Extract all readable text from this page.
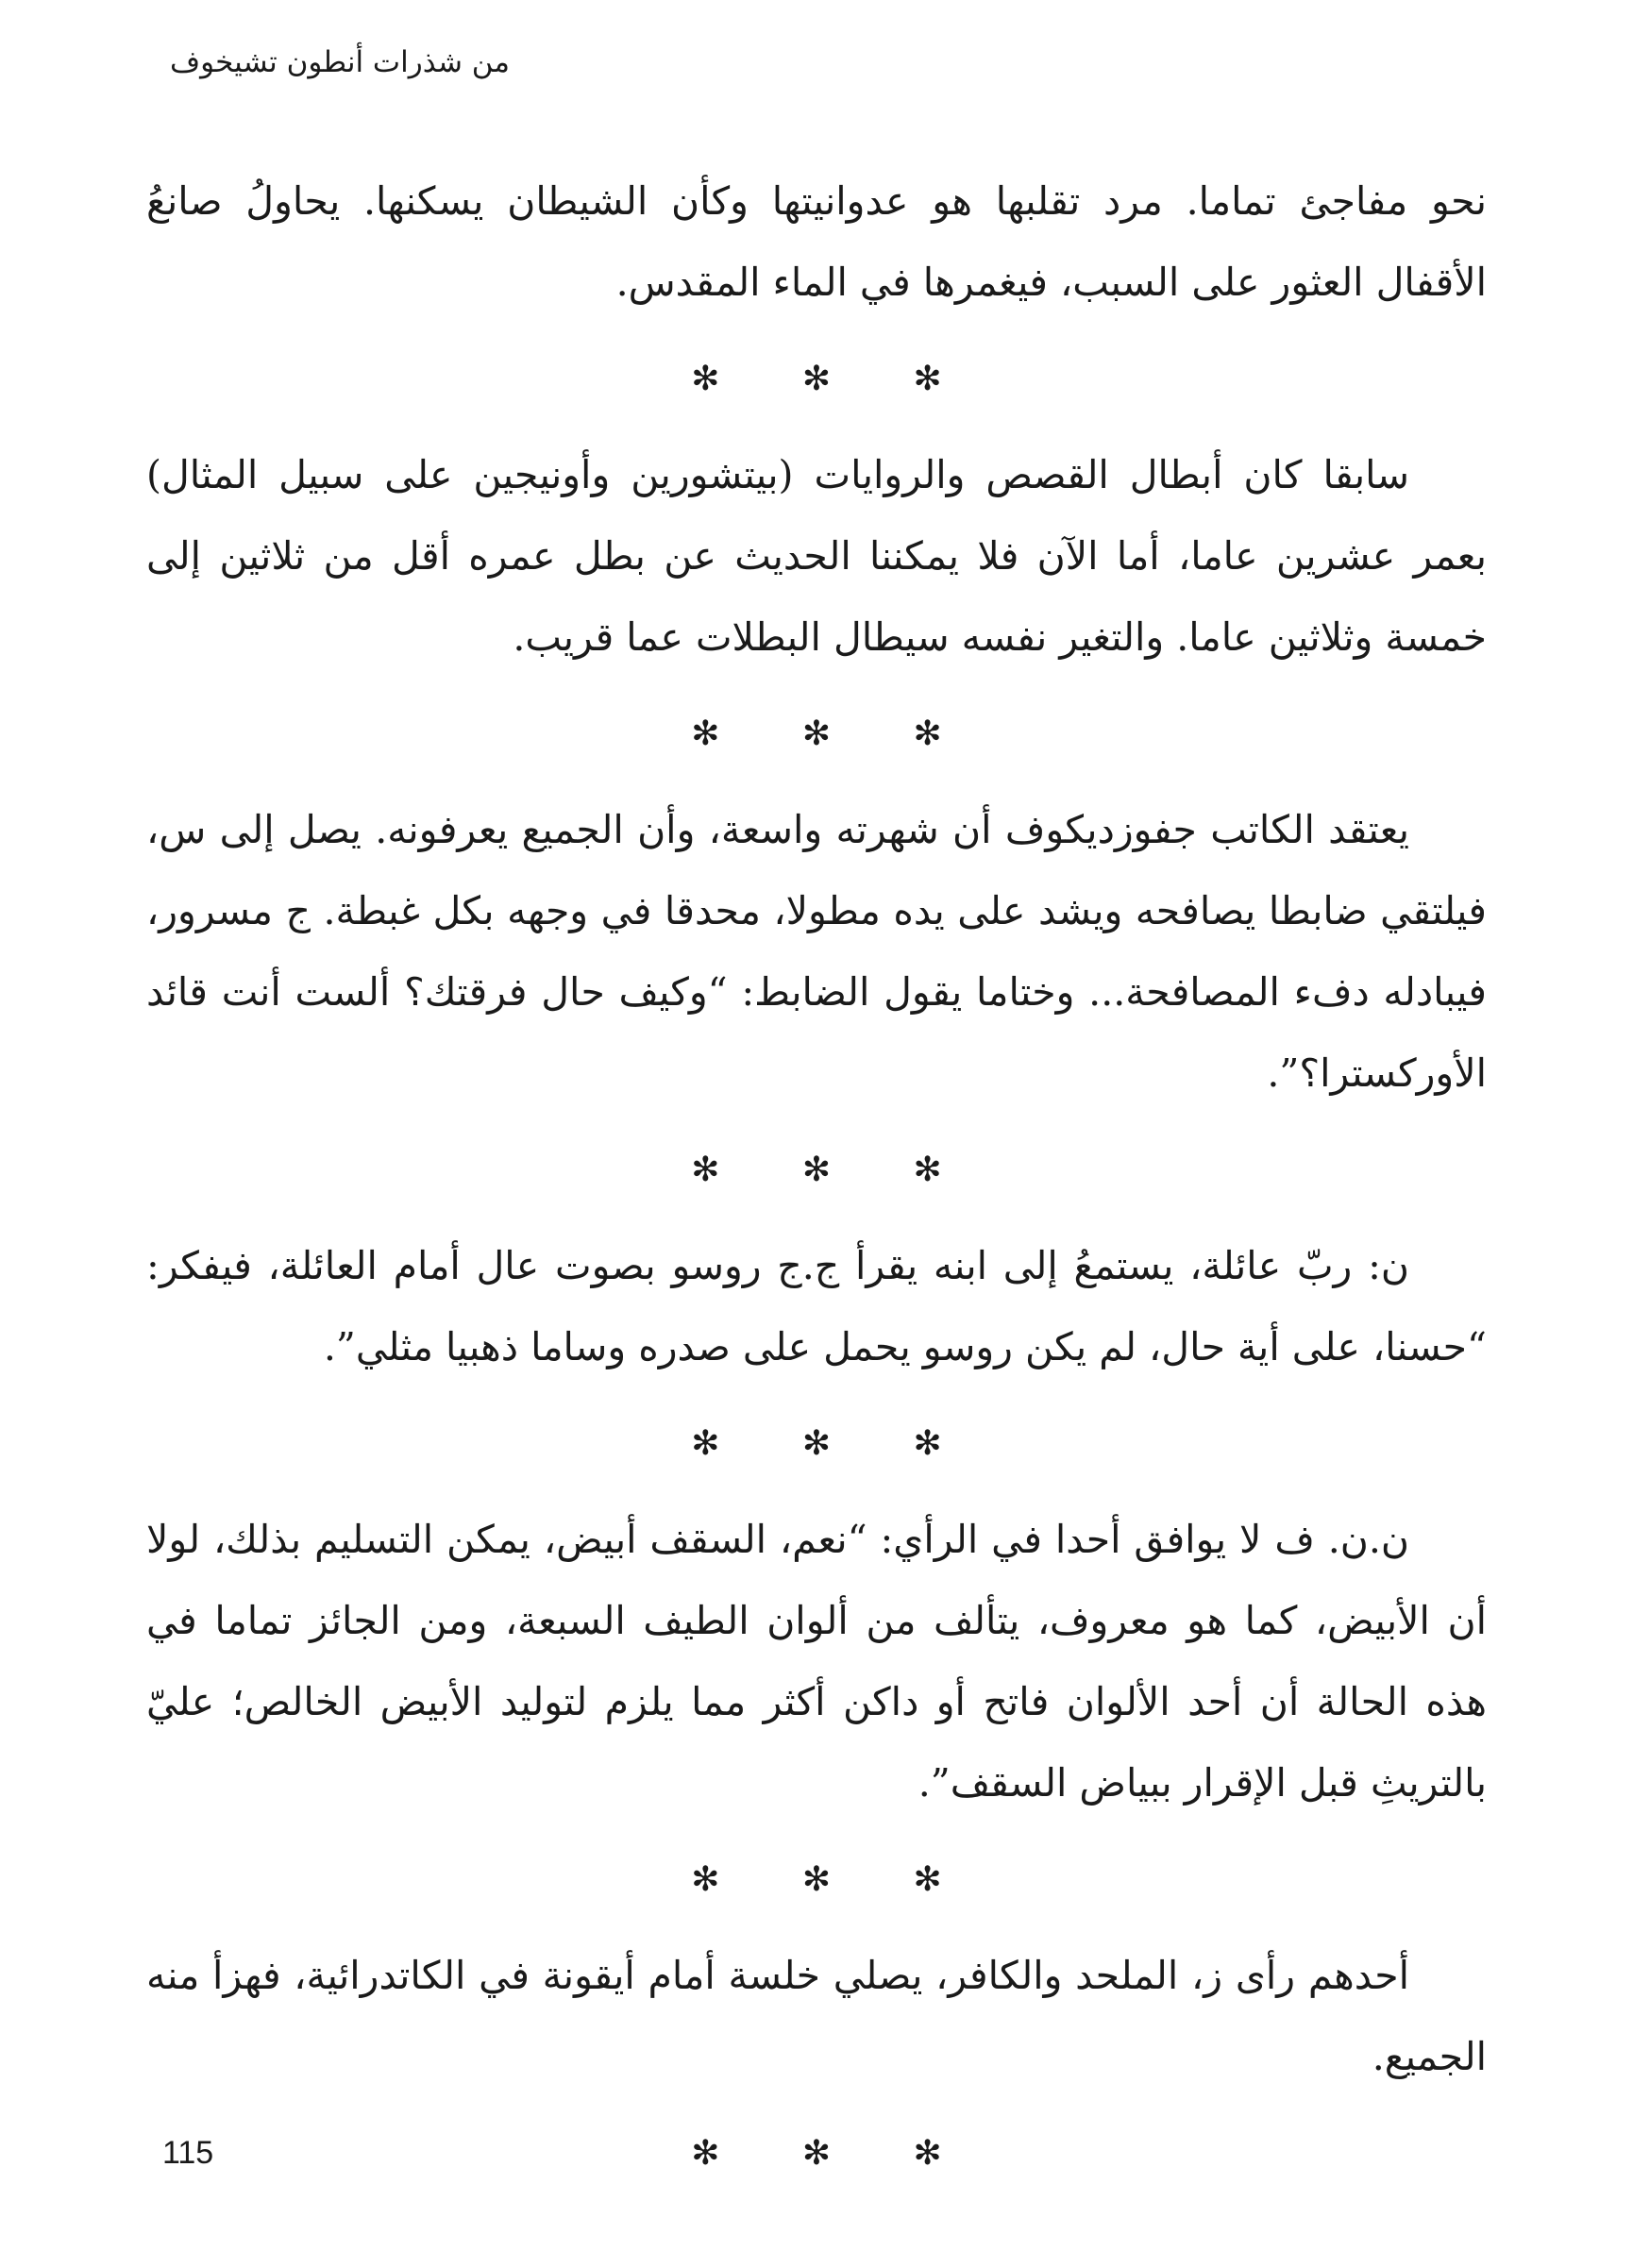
من شذرات أنطون تشيخوف

نحو مفاجئ تماما. مرد تقلبها هو عدوانيتها وكأن الشيطان يسكنها. يحاولُ صانعُ الأقفال العثور على السبب، فيغمرها في الماء المقدس.

✻ ✻ ✻

سابقا كان أبطال القصص والروايات (بيتشورين وأونيجين على سبيل المثال) بعمر عشرين عاما، أما الآن فلا يمكننا الحديث عن بطل عمره أقل من ثلاثين إلى خمسة وثلاثين عاما. والتغير نفسه سيطال البطلات عما قريب.

✻ ✻ ✻

يعتقد الكاتب جفوزديكوف أن شهرته واسعة، وأن الجميع يعرفونه. يصل إلى س، فيلتقي ضابطا يصافحه ويشد على يده مطولا، محدقا في وجهه بكل غبطة. ج مسرور، فيبادله دفء المصافحة... وختاما يقول الضابط: “وكيف حال فرقتك؟ ألست أنت قائد الأوركسترا؟”.

✻ ✻ ✻

ن: ربّ عائلة، يستمعُ إلى ابنه يقرأ ج.ج روسو بصوت عال أمام العائلة، فيفكر: “حسنا، على أية حال، لم يكن روسو يحمل على صدره وساما ذهبيا مثلي”.

✻ ✻ ✻

ن.ن. ف لا يوافق أحدا في الرأي: “نعم، السقف أبيض، يمكن التسليم بذلك، لولا أن الأبيض، كما هو معروف، يتألف من ألوان الطيف السبعة، ومن الجائز تماما في هذه الحالة أن أحد الألوان فاتح أو داكن أكثر مما يلزم لتوليد الأبيض الخالص؛ عليّ بالتريثِ قبل الإقرار ببياض السقف”.

✻ ✻ ✻

أحدهم رأى ز، الملحد والكافر، يصلي خلسة أمام أيقونة في الكاتدرائية، فهزأ منه الجميع.

✻ ✻ ✻
115
